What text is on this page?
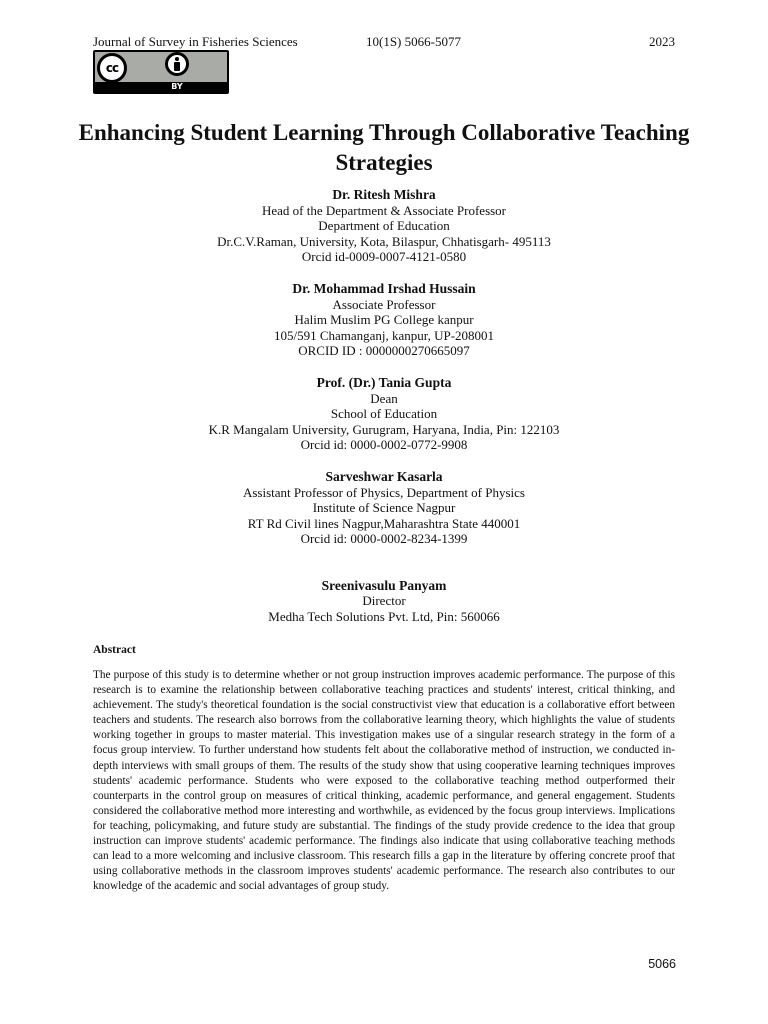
Journal of Survey in Fisheries Sciences	10(1S) 5066-5077	2023
cc
BY
Enhancing Student Learning Through Collaborative Teaching Strategies
Dr. Ritesh Mishra
Head of the Department & Associate Professor
Department of Education
Dr.C.V.Raman, University, Kota, Bilaspur, Chhatisgarh- 495113
Orcid id-0009-0007-4121-0580
Dr. Mohammad Irshad Hussain
Associate Professor
Halim Muslim PG College kanpur
105/591 Chamanganj, kanpur, UP-208001
ORCID ID : 0000000270665097
Prof. (Dr.) Tania Gupta
Dean
School of Education
K.R Mangalam University, Gurugram, Haryana, India, Pin: 122103
Orcid id: 0000-0002-0772-9908
Sarveshwar Kasarla
Assistant Professor of Physics, Department of Physics
Institute of Science Nagpur
RT Rd Civil lines Nagpur,Maharashtra State 440001
Orcid id: 0000-0002-8234-1399
Sreenivasulu Panyam
Director
Medha Tech Solutions Pvt. Ltd, Pin: 560066
Abstract

The purpose of this study is to determine whether or not group instruction improves academic performance. The purpose of this research is to examine the relationship between collaborative teaching practices and students' interest, critical thinking, and achievement. The study's theoretical foundation is the social constructivist view that education is a collaborative effort between teachers and students. The research also borrows from the collaborative learning theory, which highlights the value of students working together in groups to master material. This investigation makes use of a singular research strategy in the form of a focus group interview. To further understand how students felt about the collaborative method of instruction, we conducted in-depth interviews with small groups of them. The results of the study show that using cooperative learning techniques improves students' academic performance. Students who were exposed to the collaborative teaching method outperformed their counterparts in the control group on measures of critical thinking, academic performance, and general engagement. Students considered the collaborative method more interesting and worthwhile, as evidenced by the focus group interviews. Implications for teaching, policymaking, and future study are substantial. The findings of the study provide credence to the idea that group instruction can improve students' academic performance. The findings also indicate that using collaborative teaching methods can lead to a more welcoming and inclusive classroom. This research fills a gap in the literature by offering concrete proof that using collaborative methods in the classroom improves students' academic performance. The research also contributes to our knowledge of the academic and social advantages of group study.

5066
